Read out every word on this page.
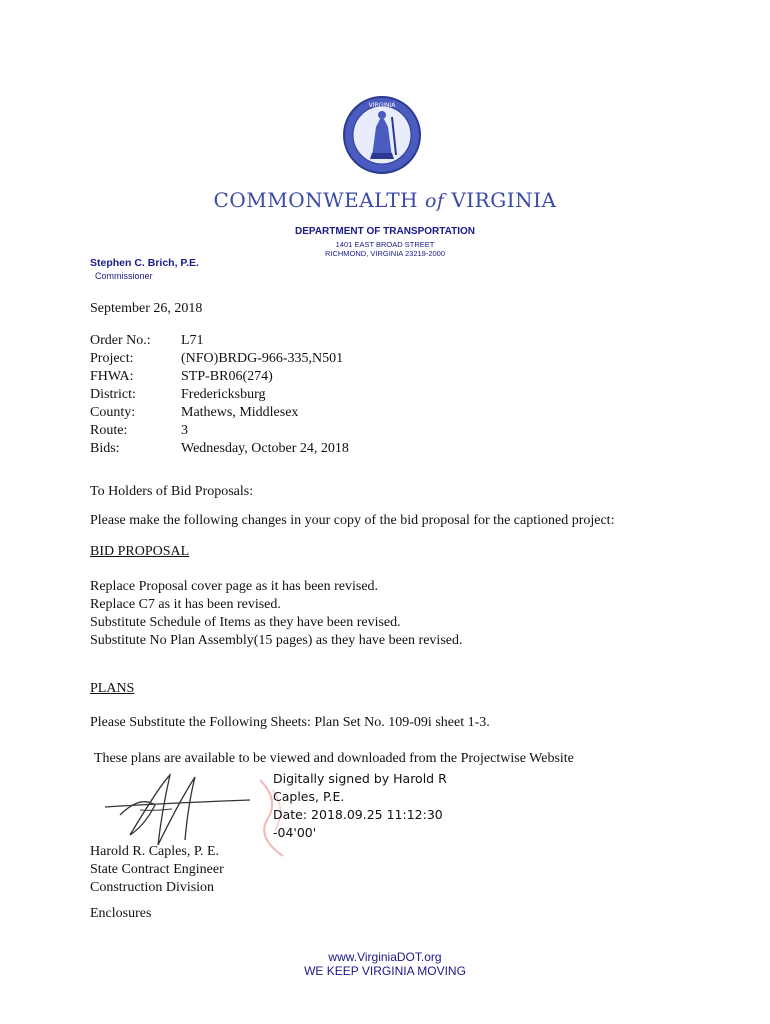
VIRGINIA
COMMONWEALTH of VIRGINIA
DEPARTMENT OF TRANSPORTATION
1401 EAST BROAD STREET
RICHMOND, VIRGINIA 23219-2000
Stephen C. Brich, P.E.
Commissioner
September 26, 2018
Order No.:	L71
Project:	(NFO)BRDG-966-335,N501
FHWA:	STP-BR06(274)
District:	Fredericksburg
County:	Mathews, Middlesex
Route:	3
Bids:	Wednesday, October 24, 2018
To Holders of Bid Proposals:
Please make the following changes in your copy of the bid proposal for the captioned project:
BID PROPOSAL
Replace Proposal cover page as it has been revised.
Replace C7 as it has been revised.
Substitute Schedule of Items as they have been revised.
Substitute No Plan Assembly(15 pages) as they have been revised.
PLANS
Please Substitute the Following Sheets: Plan Set No. 109-09i sheet 1-3.
These plans are available to be viewed and downloaded from the Projectwise Website
Digitally signed by Harold R
Caples, P.E.
Date: 2018.09.25 11:12:30
-04'00'
Harold R. Caples, P. E.
State Contract Engineer
Construction Division
Enclosures
www.VirginiaDOT.org
WE KEEP VIRGINIA MOVING
